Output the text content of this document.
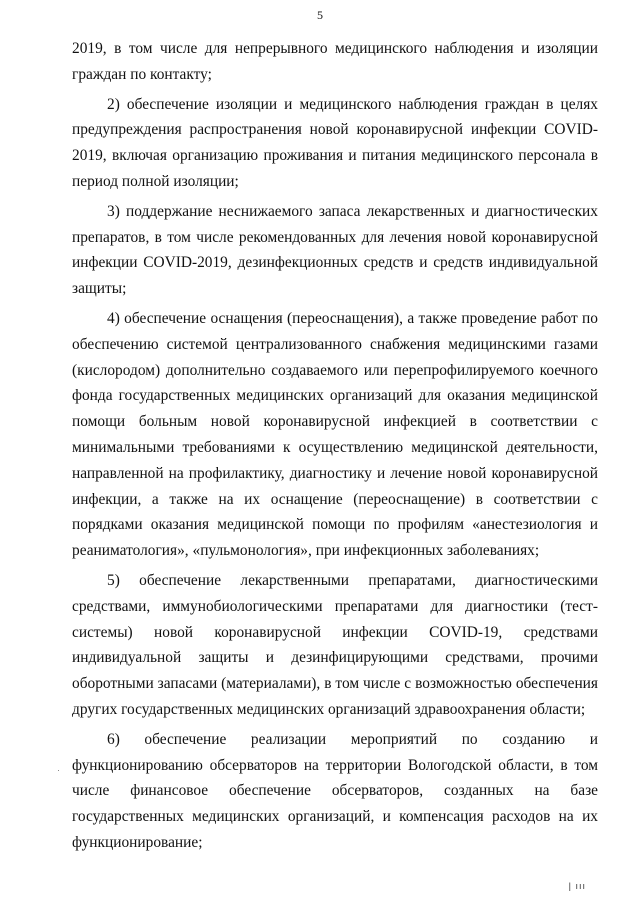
5

2019, в том числе для непрерывного медицинского наблюдения и изоляции граждан по контакту;

2) обеспечение изоляции и медицинского наблюдения граждан в целях предупреждения распространения новой коронавирусной инфекции COVID-2019, включая организацию проживания и питания медицинского персонала в период полной изоляции;

3) поддержание неснижаемого запаса лекарственных и диагностических препаратов, в том числе рекомендованных для лечения новой коронавирусной инфекции COVID-2019, дезинфекционных средств и средств индивидуальной защиты;

4) обеспечение оснащения (переоснащения), а также проведение работ по обеспечению системой централизованного снабжения медицинскими газами (кислородом) дополнительно создаваемого или перепрофилируемого коечного фонда государственных медицинских организаций для оказания медицинской помощи больным новой коронавирусной инфекцией в соответствии с минимальными требованиями к осуществлению медицинской деятельности, направленной на профилактику, диагностику и лечение новой коронавирусной инфекции, а также на их оснащение (переоснащение) в соответствии с порядками оказания медицинской помощи по профилям «анестезиология и реаниматология», «пульмонология», при инфекционных заболеваниях;

5) обеспечение лекарственными препаратами, диагностическими средствами, иммунобиологическими препаратами для диагностики (тест-системы) новой коронавирусной инфекции COVID-19, средствами индивидуальной защиты и дезинфицирующими средствами, прочими оборотными запасами (материалами), в том числе с возможностью обеспечения других государственных медицинских организаций здравоохранения области;

6) обеспечение реализации мероприятий по созданию и функционированию обсерваторов на территории Вологодской области, в том числе финансовое обеспечение обсерваторов, созданных на базе государственных медицинских организаций, и компенсация расходов на их функционирование;

| ııı
